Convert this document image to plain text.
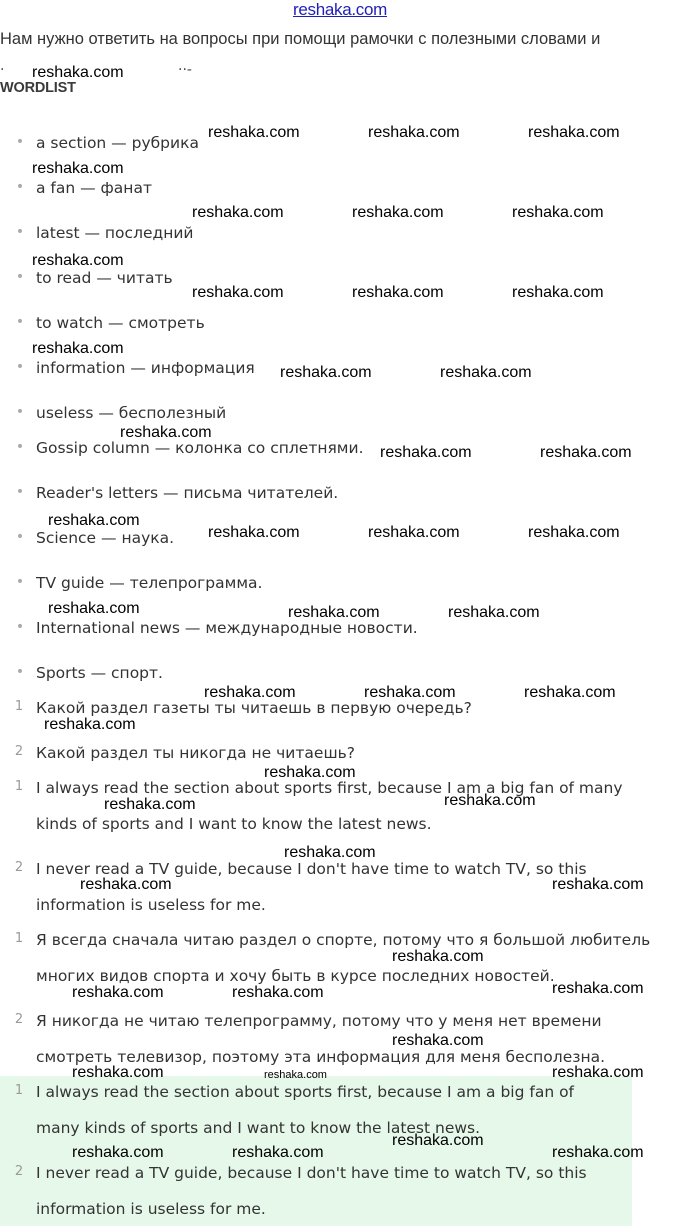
reshaka.com
Нам нужно ответить на вопросы при помощи рамочки с полезными словами и
·	··-
WORDLIST
• a section — рубрика
• a fan — фанат
• latest — последний
• to read — читать
• to watch — смотреть
• information — информация
• useless — бесполезный
• Gossip column — колонка со сплетнями.
• Reader's letters — письма читателей.
• Science — наука.
• TV guide — телепрограмма.
• International news — международные новости.
• Sports — спорт.
1 Какой раздел газеты ты читаешь в первую очередь?
2 Какой раздел ты никогда не читаешь?
1 I always read the section about sports first, because I am a big fan of many
kinds of sports and I want to know the latest news.
2 I never read a TV guide, because I don't have time to watch TV, so this
information is useless for me.
1 Я всегда сначала читаю раздел о спорте, потому что я большой любитель
многих видов спорта и хочу быть в курсе последних новостей.
2 Я никогда не читаю телепрограмму, потому что у меня нет времени
смотреть телевизор, поэтому эта информация для меня бесполезна.
1 I always read the section about sports first, because I am a big fan of
many kinds of sports and I want to know the latest news.
2 I never read a TV guide, because I don't have time to watch TV, so this
information is useless for me.
reshaka.com
reshaka.com	reshaka.com	reshaka.com
reshaka.com
reshaka.com	reshaka.com	reshaka.com
reshaka.com
reshaka.com	reshaka.com	reshaka.com
reshaka.com
reshaka.com	reshaka.com
reshaka.com
reshaka.com	reshaka.com
reshaka.com
reshaka.com	reshaka.com	reshaka.com
reshaka.com	reshaka.com	reshaka.com
reshaka.com	reshaka.com	reshaka.com
reshaka.com
reshaka.com
reshaka.com	reshaka.com
reshaka.com
reshaka.com	reshaka.com
reshaka.com
reshaka.com	reshaka.com	reshaka.com
reshaka.com
reshaka.com	reshaka.com	reshaka.com
reshaka.com
reshaka.com	reshaka.com	reshaka.com
